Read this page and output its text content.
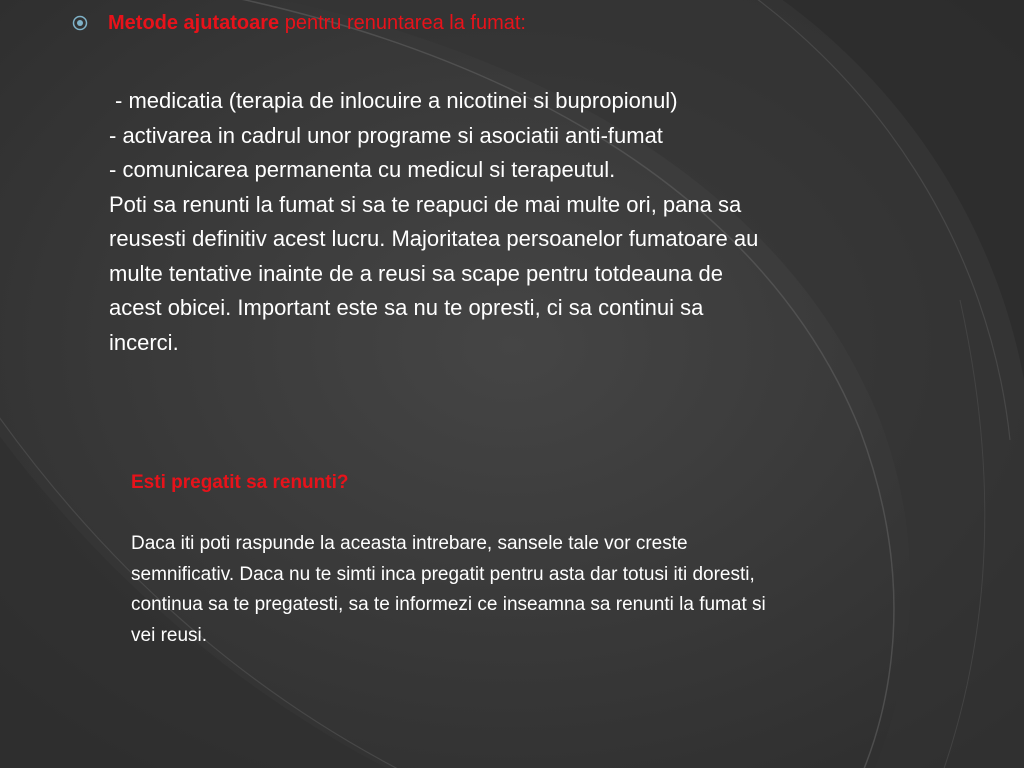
Metode ajutatoare pentru renuntarea la fumat:
- medicatia (terapia de inlocuire a nicotinei si bupropionul)
- activarea in cadrul unor programe si asociatii anti-fumat
- comunicarea permanenta cu medicul si terapeutul.
Poti sa renunti la fumat si sa te reapuci de mai multe ori, pana sa
reusesti definitiv acest lucru. Majoritatea persoanelor fumatoare au
multe tentative inainte de a reusi sa scape pentru totdeauna de
acest obicei. Important este sa nu te opresti, ci sa continui sa
incerci.
Esti pregatit sa renunti?
Daca iti poti raspunde la aceasta intrebare, sansele tale vor creste
semnificativ. Daca nu te simti inca pregatit pentru asta dar totusi iti doresti,
continua sa te pregatesti, sa te informezi ce inseamna sa renunti la fumat si
vei reusi.
